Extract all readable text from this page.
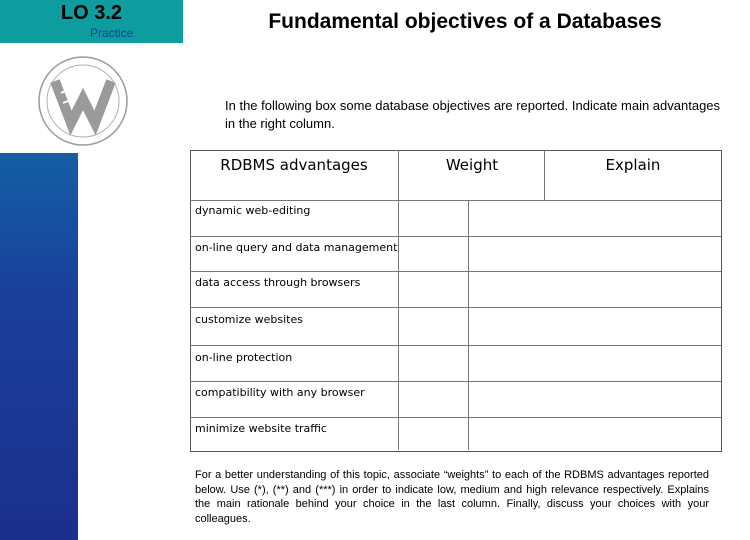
LO 3.2
Practice	Fundamental objectives of a Databases
In the following box some database objectives are reported. Indicate main advantages in the right column.
RDBMS advantages	Weight	Explain
dynamic web-editing
on-line query and data management
data access through browsers
customize websites
on-line protection
compatibility with any browser
minimize website traffic
For a better understanding of this topic, associate “weights” to each of the RDBMS advantages reported below. Use (*), (**) and (***) in order to indicate low, medium and high relevance respectively. Explains the main rationale behind your choice in the last column. Finally, discuss your choices with your colleagues.
